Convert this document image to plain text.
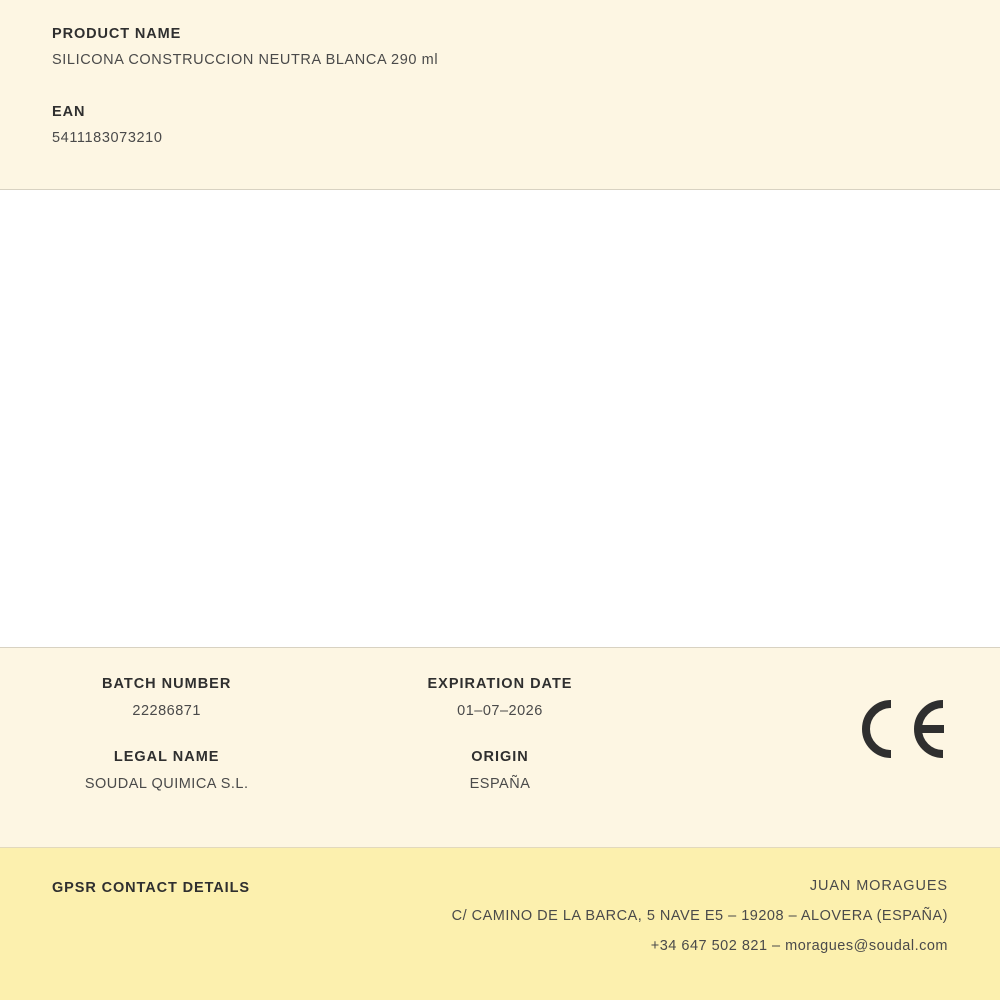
PRODUCT NAME

SILICONA CONSTRUCCION NEUTRA BLANCA 290 ml

EAN

5411183073210

BATCH NUMBER

22286871

EXPIRATION DATE

01–07–2026

LEGAL NAME

SOUDAL QUIMICA S.L.

ORIGIN

ESPAÑA

GPSR CONTACT DETAILS	JUAN MORAGUES
C/ CAMINO DE LA BARCA, 5 NAVE E5 – 19208 – ALOVERA (ESPAÑA)
+34 647 502 821 – moragues@soudal.com
